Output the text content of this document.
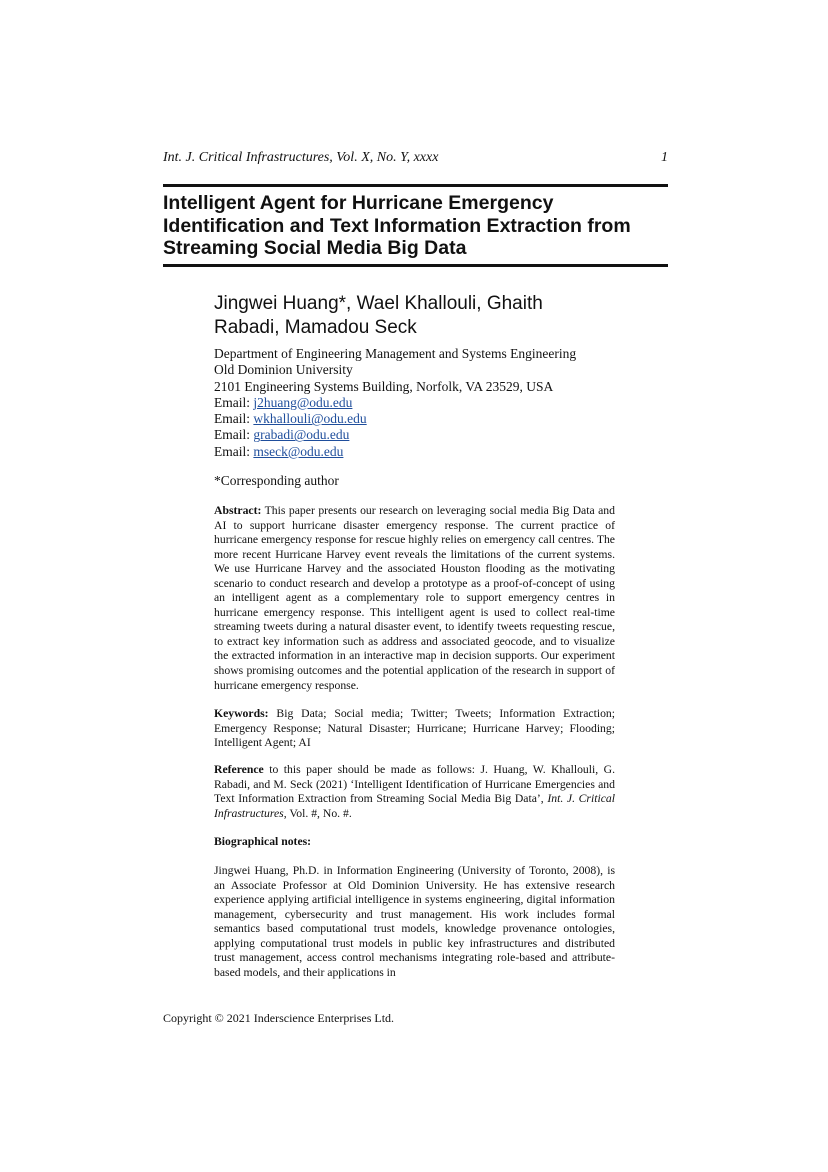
Int. J. Critical Infrastructures, Vol. X, No. Y, xxxx	1
Intelligent Agent for Hurricane Emergency Identification and Text Information Extraction from Streaming Social Media Big Data

Jingwei Huang*, Wael Khallouli, Ghaith Rabadi, Mamadou Seck

Department of Engineering Management and Systems Engineering
Old Dominion University
2101 Engineering Systems Building, Norfolk, VA 23529, USA
Email: j2huang@odu.edu
Email: wkhallouli@odu.edu
Email: grabadi@odu.edu
Email: mseck@odu.edu
*Corresponding author

Abstract: This paper presents our research on leveraging social media Big Data and AI to support hurricane disaster emergency response. The current practice of hurricane emergency response for rescue highly relies on emergency call centres. The more recent Hurricane Harvey event reveals the limitations of the current systems. We use Hurricane Harvey and the associated Houston flooding as the motivating scenario to conduct research and develop a prototype as a proof-of-concept of using an intelligent agent as a complementary role to support emergency centres in hurricane emergency response. This intelligent agent is used to collect real-time streaming tweets during a natural disaster event, to identify tweets requesting rescue, to extract key information such as address and associated geocode, and to visualize the extracted information in an interactive map in decision supports. Our experiment shows promising outcomes and the potential application of the research in support of hurricane emergency response.

Keywords: Big Data; Social media; Twitter; Tweets; Information Extraction; Emergency Response; Natural Disaster; Hurricane; Hurricane Harvey; Flooding; Intelligent Agent; AI

Reference to this paper should be made as follows: J. Huang, W. Khallouli, G. Rabadi, and M. Seck (2021) ‘Intelligent Identification of Hurricane Emergencies and Text Information Extraction from Streaming Social Media Big Data’, Int. J. Critical Infrastructures, Vol. #, No. #.

Biographical notes:

Jingwei Huang, Ph.D. in Information Engineering (University of Toronto, 2008), is an Associate Professor at Old Dominion University. He has extensive research experience applying artificial intelligence in systems engineering, digital information management, cybersecurity and trust management. His work includes formal semantics based computational trust models, knowledge provenance ontologies, applying computational trust models in public key infrastructures and distributed trust management, access control mechanisms integrating role-based and attribute-based models, and their applications in

Copyright © 2021 Inderscience Enterprises Ltd.
